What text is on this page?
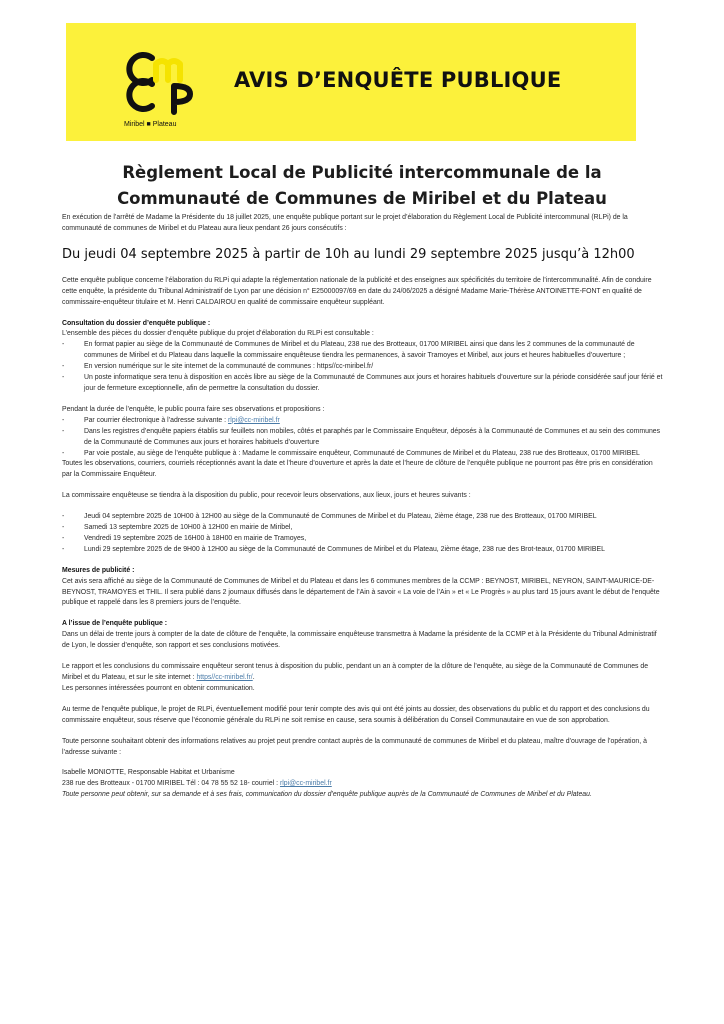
Miribel ■ Plateau
AVIS D’ENQUÊTE PUBLIQUE
Règlement Local de Publicité intercommunale de la
Communauté de Communes de Miribel et du Plateau

En exécution de l’arrêté de Madame la Présidente du 18 juillet 2025, une enquête publique portant sur le projet d’élaboration du Règlement Local de Publicité intercommunal (RLPi) de la communauté de communes de Miribel et du Plateau aura lieux pendant 26 jours consécutifs :

Du jeudi 04 septembre 2025 à partir de 10h au lundi 29 septembre 2025 jusqu’à 12h00

Cette enquête publique concerne l’élaboration du RLPi qui adapte la réglementation nationale de la publicité et des enseignes aux spécificités du territoire de l’intercommunalité. Afin de conduire cette enquête, la présidente du Tribunal Administratif de Lyon par une décision n° E25000097/69 en date du 24/06/2025 a désigné Madame Marie-Thérèse ANTOINETTE-FONT en qualité de commissaire-enquêteur titulaire et M. Henri CALDAIROU en qualité de commissaire enquêteur suppléant.

Consultation du dossier d’enquête publique :

L’ensemble des pièces du dossier d’enquête publique du projet d’élaboration du RLPi est consultable :

- En format papier au siège de la Communauté de Communes de Miribel et du Plateau, 238 rue des Brotteaux, 01700 MIRIBEL ainsi que dans les 2 communes de la communauté de communes de Miribel et du Plateau dans laquelle la commissaire enquêteuse tiendra les permanences, à savoir Tramoyes et Miribel, aux jours et heures habituelles d’ouverture ;
- En version numérique sur le site internet de la communauté de communes : https//cc-miribel.fr/
- Un poste informatique sera tenu à disposition en accès libre au siège de la Communauté de Communes aux jours et horaires habituels d’ouverture sur la période considérée sauf jour férié et jour de fermeture exceptionnelle, afin de permettre la consultation du dossier.

Pendant la durée de l’enquête, le public pourra faire ses observations et propositions :

- Par courrier électronique à l’adresse suivante : rlpi@cc-miribel.fr
- Dans les registres d’enquête papiers établis sur feuillets non mobiles, côtés et paraphés par le Commissaire Enquêteur, déposés à la Communauté de Communes et au sein des communes de la Communauté de Communes aux jours et horaires habituels d’ouverture
- Par voie postale, au siège de l’enquête publique à : Madame le commissaire enquêteur, Communauté de Communes de Miribel et du Plateau, 238 rue des Brotteaux, 01700 MIRIBEL

Toutes les observations, courriers, courriels réceptionnés avant la date et l’heure d’ouverture et après la date et l’heure de clôture de l’enquête publique ne pourront pas être pris en considération par la Commissaire Enquêteur.

La commissaire enquêteuse se tiendra à la disposition du public, pour recevoir leurs observations, aux lieux, jours et heures suivants :

- Jeudi 04 septembre 2025 de 10H00 à 12H00 au siège de la Communauté de Communes de Miribel et du Plateau, 2ième étage, 238 rue des Brotteaux, 01700 MIRIBEL
- Samedi 13 septembre 2025 de 10H00 à 12H00 en mairie de Miribel,
- Vendredi 19 septembre 2025 de 16H00 à 18H00 en mairie de Tramoyes,
- Lundi 29 septembre 2025 de de 9H00 à 12H00 au siège de la Communauté de Communes de Miribel et du Plateau, 2ième étage, 238 rue des Brot-teaux, 01700 MIRIBEL

Mesures de publicité :

Cet avis sera affiché au siège de la Communauté de Communes de Miribel et du Plateau et dans les 6 communes membres de la CCMP : BEYNOST, MIRIBEL, NEYRON, SAINT-MAURICE-DE-BEYNOST, TRAMOYES et THIL. Il sera publié dans 2 journaux diffusés dans le département de l’Ain à savoir « La voie de l’Ain » et « Le Progrès » au plus tard 15 jours avant le début de l’enquête publique et rappelé dans les 8 premiers jours de l’enquête.

A l’issue de l’enquête publique :

Dans un délai de trente jours à compter de la date de clôture de l’enquête, la commissaire enquêteuse transmettra à Madame la présidente de la CCMP et à la Présidente du Tribunal Administratif de Lyon, le dossier d’enquête, son rapport et ses conclusions motivées.

Le rapport et les conclusions du commissaire enquêteur seront tenus à disposition du public, pendant un an à compter de la clôture de l’enquête, au siège de la Communauté de Communes de Miribel et du Plateau, et sur le site internet : https//cc-miribel.fr/.

Les personnes intéressées pourront en obtenir communication.

Au terme de l’enquête publique, le projet de RLPi, éventuellement modifié pour tenir compte des avis qui ont été joints au dossier, des observations du public et du rapport et des conclusions du commissaire enquêteur, sous réserve que l’économie générale du RLPi ne soit remise en cause, sera soumis à délibération du Conseil Communautaire en vue de son approbation.

Toute personne souhaitant obtenir des informations relatives au projet peut prendre contact auprès de la communauté de communes de Miribel et du plateau, maître d’ouvrage de l’opération, à l’adresse suivante :

Isabelle MONIOTTE, Responsable Habitat et Urbanisme

238 rue des Brotteaux - 01700 MIRIBEL Tél : 04 78 55 52 18- courriel : rlpi@cc-miribel.fr

Toute personne peut obtenir, sur sa demande et à ses frais, communication du dossier d’enquête publique auprès de la Communauté de Communes de Miribel et du Plateau.
